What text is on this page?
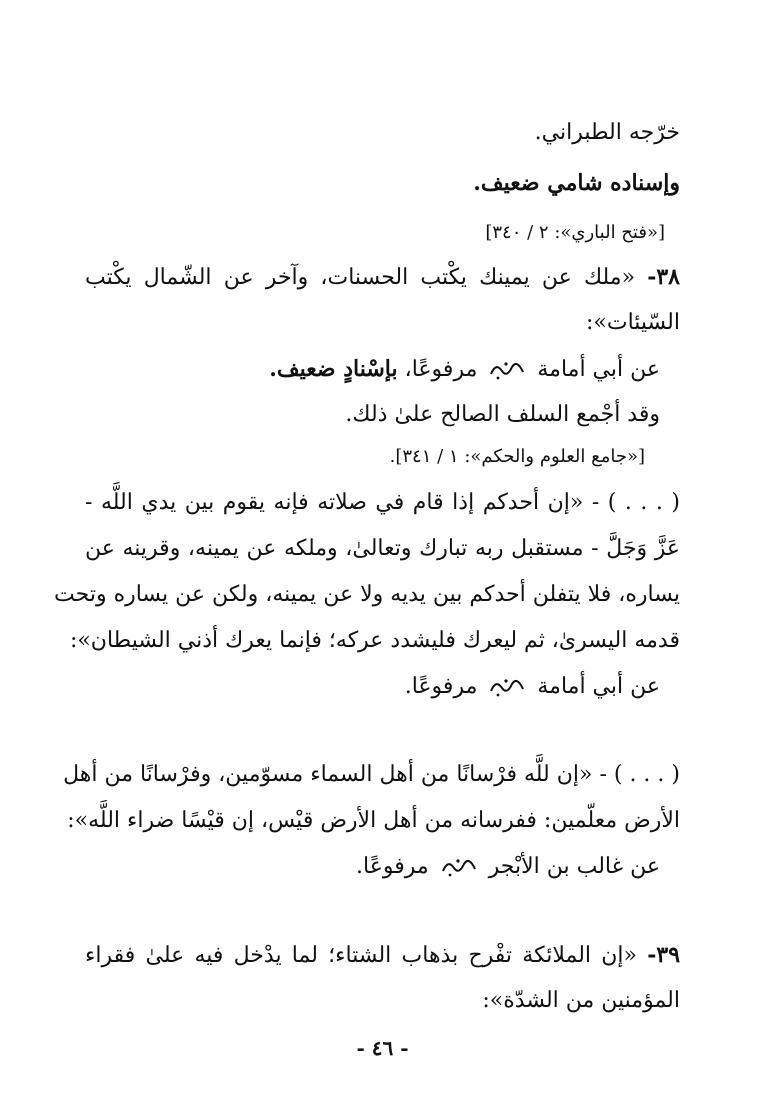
خرّجه الطبراني.
وإسناده شامي ضعيف.
[«فتح الباري»: ٢ / ٣٤٠]
٣٨- «ملك عن يمينك يكْتب الحسنات، وآخر عن الشّمال يكْتب
السّيئات»:
عن أبي أمامة  مرفوعًا، بإسْنادٍ ضعيف.
وقد أجْمع السلف الصالح علىٰ ذلك.
[«جامع العلوم والحكم»: ١ / ٣٤١].
( . . . ) - «إن أحدكم إذا قام في صلاته فإنه يقوم بين يدي اللَّه -
عَزَّ وَجَلَّ - مستقبل ربه تبارك وتعالىٰ، وملكه عن يمينه، وقرينه عن
يساره، فلا يتفلن أحدكم بين يديه ولا عن يمينه، ولكن عن يساره وتحت
قدمه اليسرىٰ، ثم ليعرك فليشدد عركه؛ فإنما يعرك أذني الشيطان»:
عن أبي أمامة  مرفوعًا.
( . . . ) - «إن للَّه فرْسانًا من أهل السماء مسوّمين، وفرْسانًا من أهل
الأرض معلّمين: ففرسانه من أهل الأرض قيْس، إن قيْسًا ضراء اللَّه»:
عن غالب بن الأبْجر  مرفوعًا.
٣٩- «إن الملائكة تفْرح بذهاب الشتاء؛ لما يدْخل فيه علىٰ فقراء
المؤمنين من الشدّة»:
- ٤٦ -
